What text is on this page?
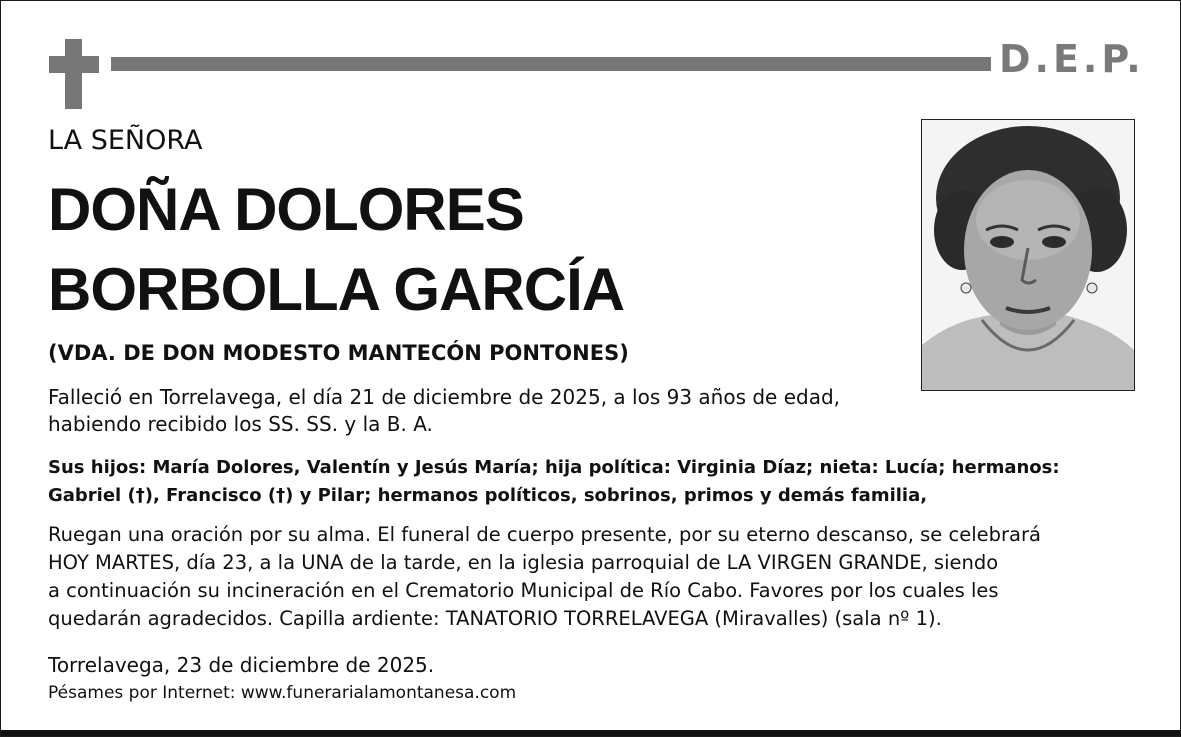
D.E.P.

LA SEÑORA

DOÑA DOLORES
BORBOLLA GARCÍA

(VDA. DE DON MODESTO MANTECÓN PONTONES)

Falleció en Torrelavega, el día 21 de diciembre de 2025, a los 93 años de edad,
habiendo recibido los SS. SS. y la B. A.

Sus hijos: María Dolores, Valentín y Jesús María; hija política: Virginia Díaz; nieta: Lucía; hermanos:
Gabriel (†), Francisco (†) y Pilar; hermanos políticos, sobrinos, primos y demás familia,

Ruegan una oración por su alma. El funeral de cuerpo presente, por su eterno descanso, se celebrará
HOY MARTES, día 23, a la UNA de la tarde, en la iglesia parroquial de LA VIRGEN GRANDE, siendo
a continuación su incineración en el Crematorio Municipal de Río Cabo. Favores por los cuales les
quedarán agradecidos. Capilla ardiente: TANATORIO TORRELAVEGA (Miravalles) (sala nº 1).

Torrelavega, 23 de diciembre de 2025.

Pésames por Internet: www.funerarialamontanesa.com
